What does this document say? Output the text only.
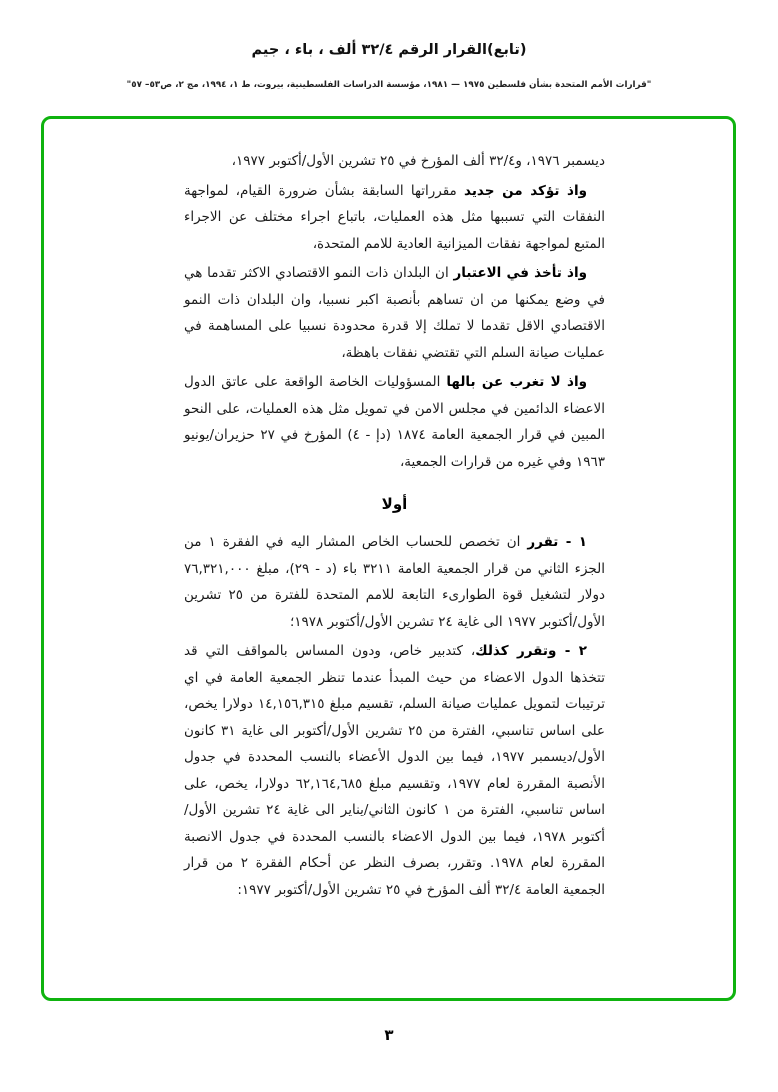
(تابع)القرار الرقم ٣٢/٤ ألف ، باء ، جيم
"قرارات الأمم المتحدة بشأن فلسطين ١٩٧٥ — ١٩٨١، مؤسسة الدراسات الفلسطينية، بيروت، ط ١، ١٩٩٤، مج ٢، ص٥٣– ٥٧"

ديسمبر ١٩٧٦، و٣٢/٤ ألف المؤرخ في ٢٥ تشرين الأول/أكتوبر ١٩٧٧،

واذ تؤكد من جديد مقرراتها السابقة بشأن ضرورة القيام، لمواجهة النفقات التي تسببها مثل هذه العمليات، باتباع اجراء مختلف عن الاجراء المتبع لمواجهة نفقات الميزانية العادية للامم المتحدة،

واذ تأخذ في الاعتبار ان البلدان ذات النمو الاقتصادي الاكثر تقدما هي في وضع يمكنها من ان تساهم بأنصبة اكبر نسبيا، وان البلدان ذات النمو الاقتصادي الاقل تقدما لا تملك إلا قدرة محدودة نسبيا على المساهمة في عمليات صيانة السلم التي تقتضي نفقات باهظة،

واذ لا تغرب عن بالها المسؤوليات الخاصة الواقعة على عاتق الدول الاعضاء الدائمين في مجلس الامن في تمويل مثل هذه العمليات، على النحو المبين في قرار الجمعية العامة ١٨٧٤ (دإ - ٤) المؤرخ في ٢٧ حزيران/يونيو ١٩٦٣ وفي غيره من قرارات الجمعية،

أولا

١ - تقرر ان تخصص للحساب الخاص المشار اليه في الفقرة ١ من الجزء الثاني من قرار الجمعية العامة ٣٢١١ باء (د - ٢٩)، مبلغ ٧٦,٣٢١,٠٠٠ دولار لتشغيل قوة الطوارىء التابعة للامم المتحدة للفترة من ٢٥ تشرين الأول/أكتوبر ١٩٧٧ الى غاية ٢٤ تشرين الأول/أكتوبر ١٩٧٨؛

٢ - وتقرر كذلك، كتدبير خاص، ودون المساس بالمواقف التي قد تتخذها الدول الاعضاء من حيث المبدأ عندما تنظر الجمعية العامة في اي ترتيبات لتمويل عمليات صيانة السلم، تقسيم مبلغ ١٤,١٥٦,٣١٥ دولارا يخص، على اساس تناسبي، الفترة من ٢٥ تشرين الأول/أكتوبر الى غاية ٣١ كانون الأول/ديسمبر ١٩٧٧، فيما بين الدول الأعضاء بالنسب المحددة في جدول الأنصبة المقررة لعام ١٩٧٧، وتقسيم مبلغ ٦٢,١٦٤,٦٨٥ دولارا، يخص، على اساس تناسبي، الفترة من ١ كانون الثاني/يناير الى غاية ٢٤ تشرين الأول/أكتوبر ١٩٧٨، فيما بين الدول الاعضاء بالنسب المحددة في جدول الانصبة المقررة لعام ١٩٧٨. وتقرر، بصرف النظر عن أحكام الفقرة ٢ من قرار الجمعية العامة ٣٢/٤ ألف المؤرخ في ٢٥ تشرين الأول/أكتوبر ١٩٧٧:

٣
